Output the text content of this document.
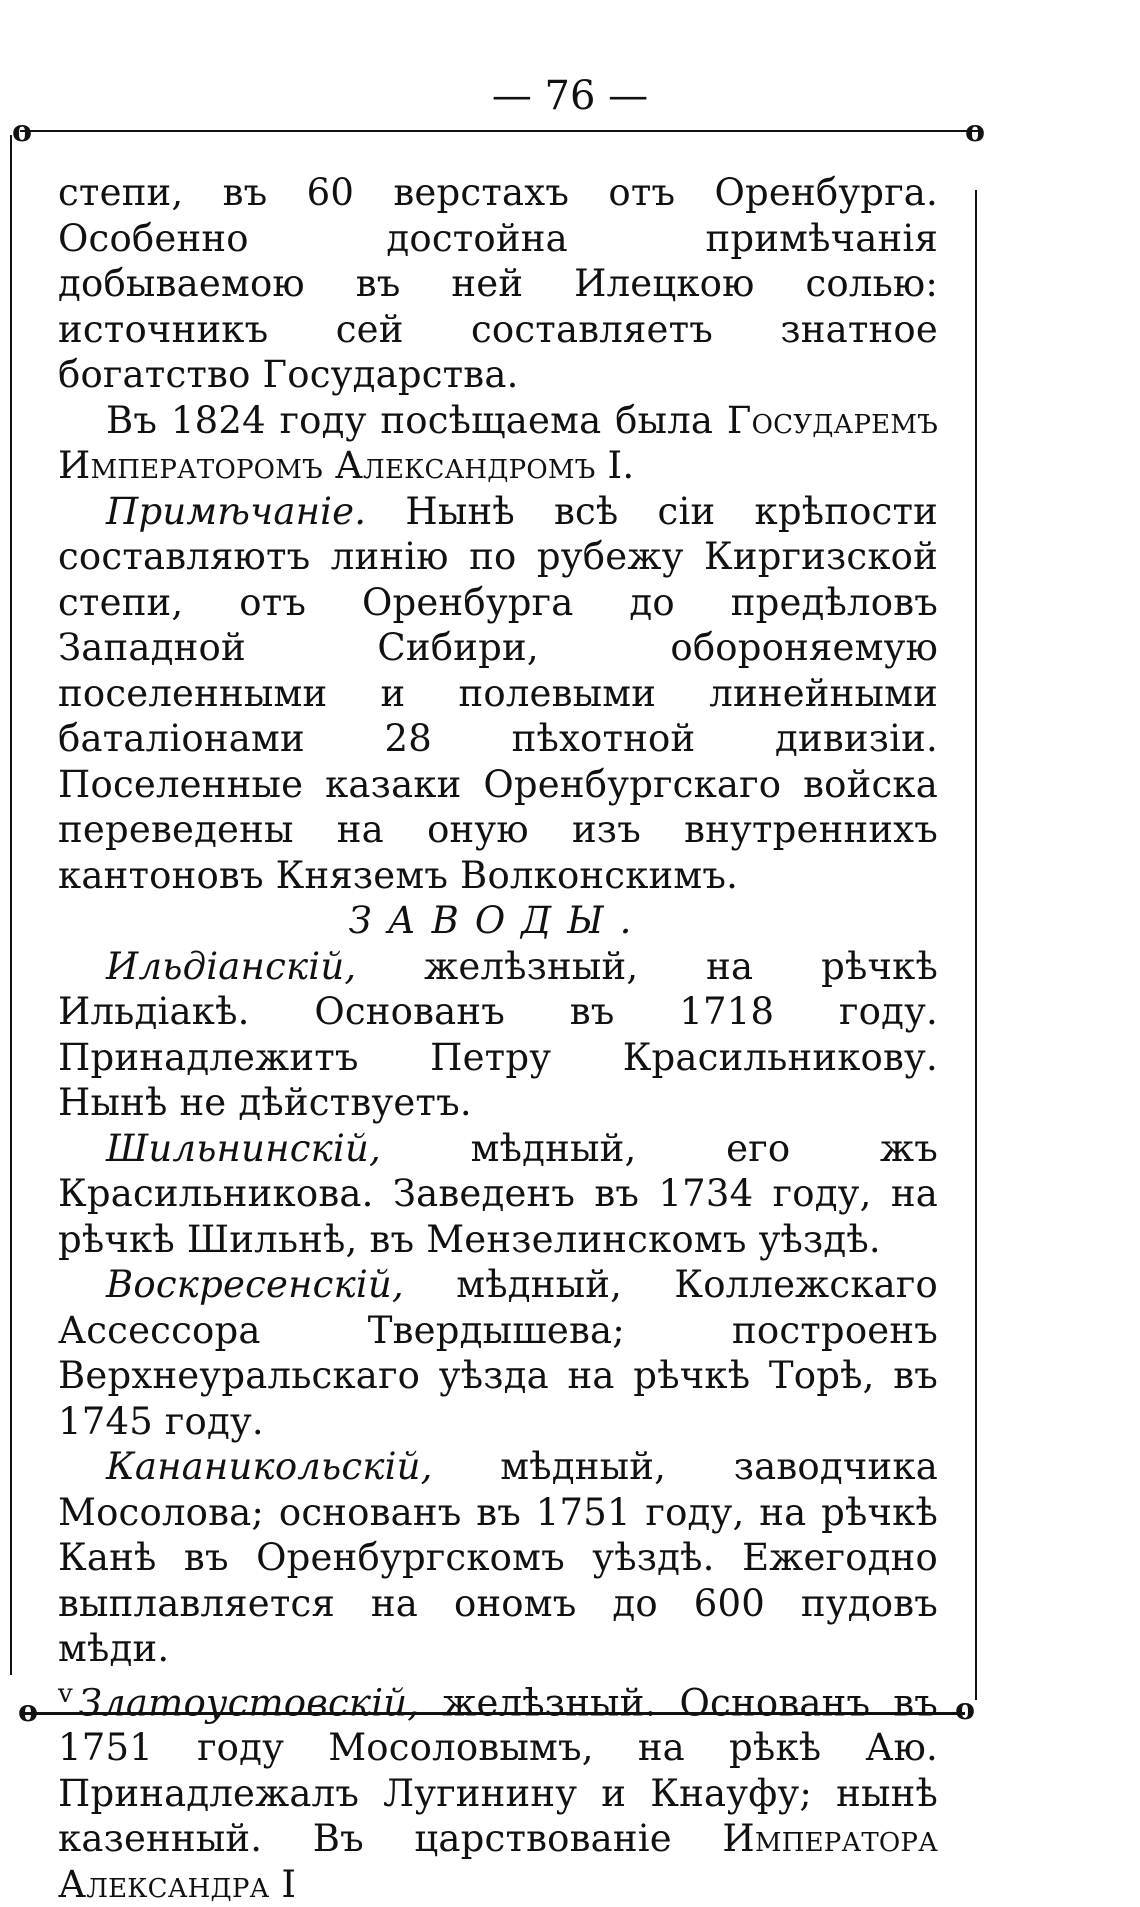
— 76 —
o	o
o	o

степи, въ 60 верстахъ отъ Оренбурга. Особенно достойна примѣчанія добываемою въ ней Илецкою солью: источникъ сей составляетъ знатное богатство Государства.

Въ 1824 году посѣщаема была Государемъ Императоромъ Александромъ I.

Примѣчаніе. Нынѣ всѣ сіи крѣпости составляютъ линію по рубежу Киргизской степи, отъ Оренбурга до предѣловъ Западной Сибири, обороняемую поселенными и полевыми линейными баталіонами 28 пѣхотной дивизіи. Поселенные казаки Оренбургскаго войска переведены на оную изъ внутреннихъ кантоновъ Княземъ Волконскимъ.

ЗАВОДЫ.

Ильдіанскій, желѣзный, на рѣчкѣ Ильдіакѣ. Основанъ въ 1718 году. Принадлежитъ Петру Красильникову. Нынѣ не дѣйствуетъ.

Шильнинскій, мѣдный, его жъ Красильникова. Заведенъ въ 1734 году, на рѣчкѣ Шильнѣ, въ Мензелинскомъ уѣздѣ.

Воскресенскій, мѣдный, Коллежскаго Ассессора Твердышева; построенъ Верхнеуральскаго уѣзда на рѣчкѣ Торѣ, въ 1745 году.

Кананикольскій, мѣдный, заводчика Мосолова; основанъ въ 1751 году, на рѣчкѣ Канѣ въ Оренбургскомъ уѣздѣ. Ежегодно выплавляется на ономъ до 600 пудовъ мѣди.

$^v$ Златоустовскій, желѣзный. Основанъ въ 1751 году Мосоловымъ, на рѣкѣ Аю. Принадлежалъ Лугинину и Кнауфу; нынѣ казенный. Въ царствованіе Императора Александра I
